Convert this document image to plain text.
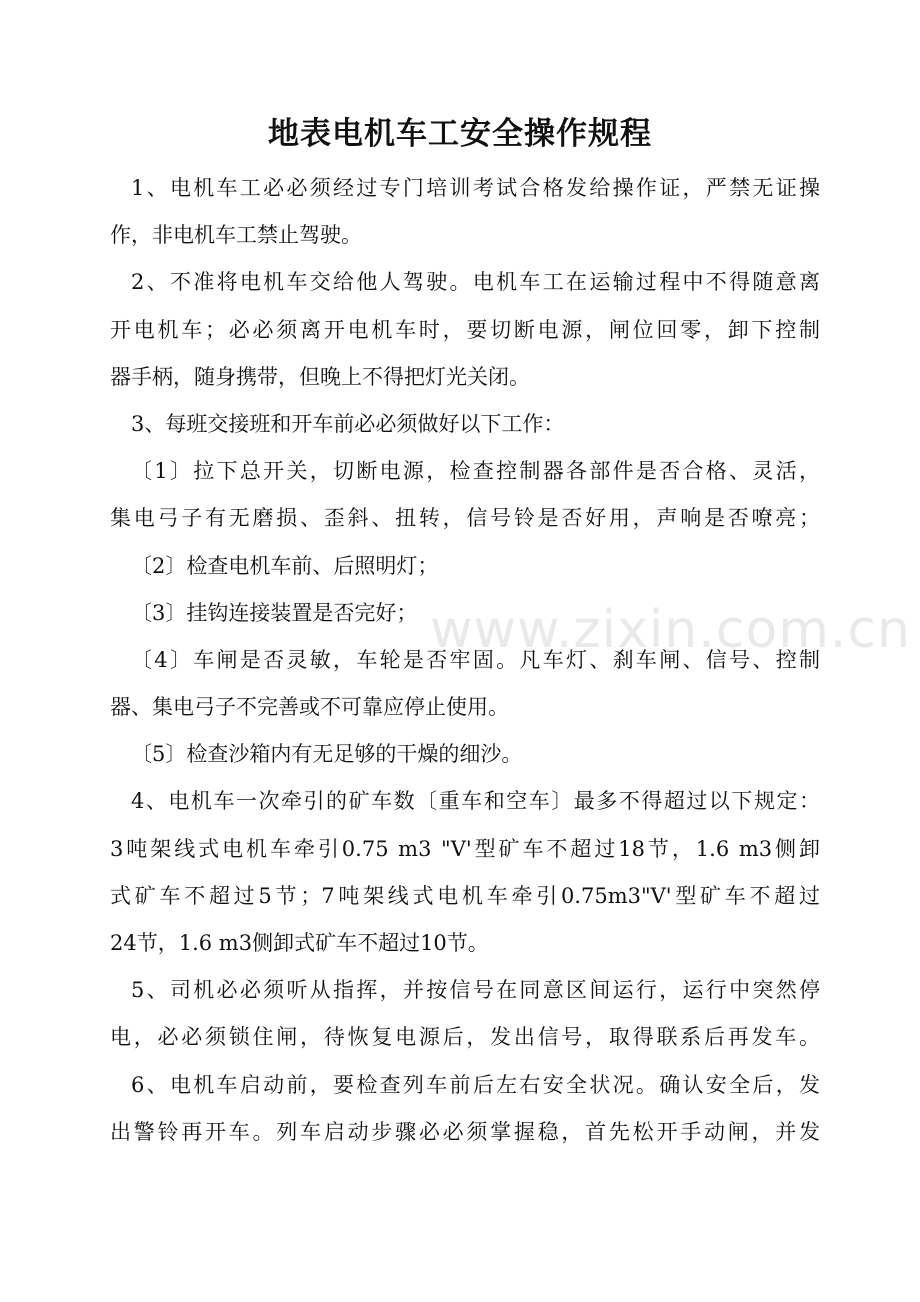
地表电机车工安全操作规程
www.zixin.com.cn
1、电机车工必必须经过专门培训考试合格发给操作证，严禁无证操
作，非电机车工禁止驾驶。
2、不准将电机车交给他人驾驶。电机车工在运输过程中不得随意离
开电机车；必必须离开电机车时，要切断电源，闸位回零，卸下控制
器手柄，随身携带，但晚上不得把灯光关闭。
3、每班交接班和开车前必必须做好以下工作：
〔1〕拉下总开关，切断电源，检查控制器各部件是否合格、灵活，
集电弓子有无磨损、歪斜、扭转，信号铃是否好用，声响是否嘹亮；
〔2〕检查电机车前、后照明灯；
〔3〕挂钩连接装置是否完好；
〔4〕车闸是否灵敏，车轮是否牢固。凡车灯、刹车闸、信号、控制
器、集电弓子不完善或不可靠应停止使用。
〔5〕检查沙箱内有无足够的干燥的细沙。
4、电机车一次牵引的矿车数〔重车和空车〕最多不得超过以下规定：
3吨架线式电机车牵引0.75 m3 "V'型矿车不超过18节，1.6 m3侧卸
式矿车不超过5节；7吨架线式电机车牵引0.75m3"V'型矿车不超过
24节，1.6 m3侧卸式矿车不超过10节。
5、司机必必须听从指挥，并按信号在同意区间运行，运行中突然停
电，必必须锁住闸，待恢复电源后，发出信号，取得联系后再发车。
6、电机车启动前，要检查列车前后左右安全状况。确认安全后，发
出警铃再开车。列车启动步骤必必须掌握稳，首先松开手动闸，并发
